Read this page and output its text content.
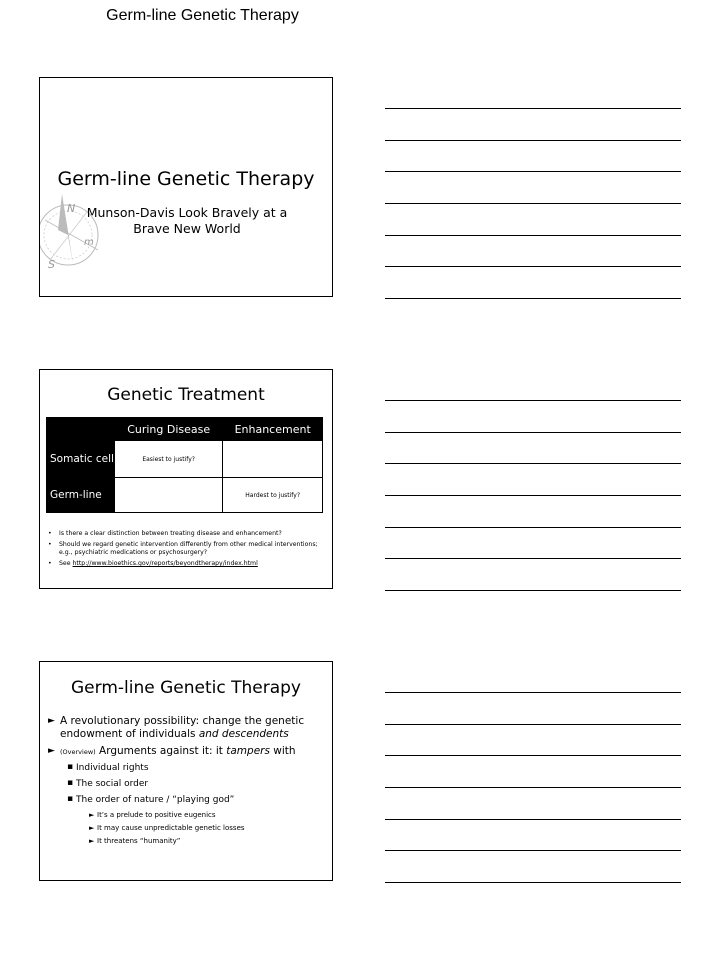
Germ-line Genetic Therapy
N
S
m
Germ-line Genetic Therapy
Munson-Davis Look Bravely at a Brave New World
Genetic Treatment
	Curing Disease	Enhancement
Somatic cell	Easiest to justify?	
Germ-line		Hardest to justify?
• Is there a clear distinction between treating disease and enhancement?
• Should we regard genetic intervention differently from other medical interventions; e.g., psychiatric medications or psychosurgery?
• See http://www.bioethics.gov/reports/beyondtherapy/index.html
Germ-line Genetic Therapy
► A revolutionary possibility: change the genetic endowment of individuals and descendents
► (Overview) Arguments against it: it tampers with
▪ Individual rights
▪ The social order
▪ The order of nature / “playing god”
► It’s a prelude to positive eugenics
► It may cause unpredictable genetic losses
► It threatens “humanity”
